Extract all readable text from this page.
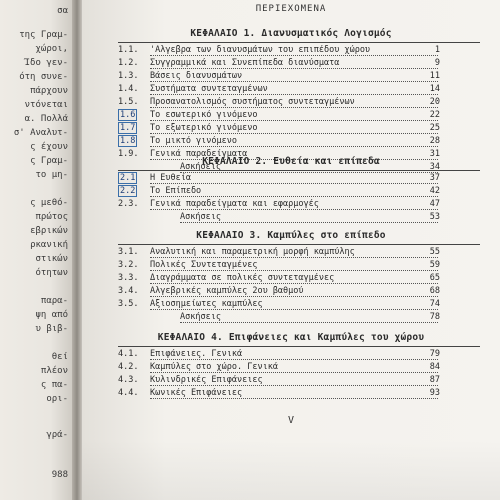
σα
της Γραμ-
χώροι,
Ίδο γεν-
ότη συνε-
πάρχουν
ντόνεται
α. Πολλά
σ' Αναλυτ-
ς έχουν
ς Γραμ-
το μη-
ς μεθό-
πρώτος
εβρικών
ρκανική
στικών
ότητων
παρα-
ψη από
υ βιβ-
θεί
πλέον
ς πα-
ορι-
γρά-
988
ΠΕΡΙΕΧΟΜΕΝΑ
ΚΕΦΑΛΑΙΟ 1. Διανυσματικός Λογισμός
1.1.	'Αλγεβρα των διανυσμάτων του επιπέδου χώρου	1
1.2.	Συγγραμμικά και Συνεπίπεδα διανύσματα	9
1.3.	Βάσεις διανυσμάτων	11
1.4.	Συστήματα συντεταγμένων	14
1.5.	Προσανατολισμός συστήματος συντεταγμένων	20
1.6	Το εσωτερικό γινόμενο	22
1.7	Το εξωτερικό γινόμενο	25
1.8	Το μικτό γινόμενο	28
1.9.	Γενικά παραδείγματα	31
Ασκήσεις	34
ΚΕΦΑΛΑΙΟ 2. Ευθεία και επίπεδα
2.1	Η Ευθεία	37
2.2	Το Επίπεδο	42
2.3.	Γενικά παραδείγματα και εφαρμογές	47
Ασκήσεις	53
ΚΕΦΑΛΑΙΟ 3. Καμπύλες στο επίπεδο
3.1.	Αναλυτική και παραμετρική μορφή καμπύλης	55
3.2.	Πολικές Συντεταγμένες	59
3.3.	Διαγράμματα σε πολικές συντεταγμένες	65
3.4.	Αλγεβρικές καμπύλες 2ου βαθμού	68
3.5.	Αξιοσημείωτες καμπύλες	74
Ασκήσεις	78
ΚΕΦΑΛΑΙΟ 4. Επιφάνειες και Καμπύλες του χώρου
4.1.	Επιφάνειες. Γενικά	79
4.2.	Καμπύλες στο χώρο. Γενικά	84
4.3.	Κυλινδρικές Επιφάνειες	87
4.4.	Κωνικές Επιφάνειες	93
V
